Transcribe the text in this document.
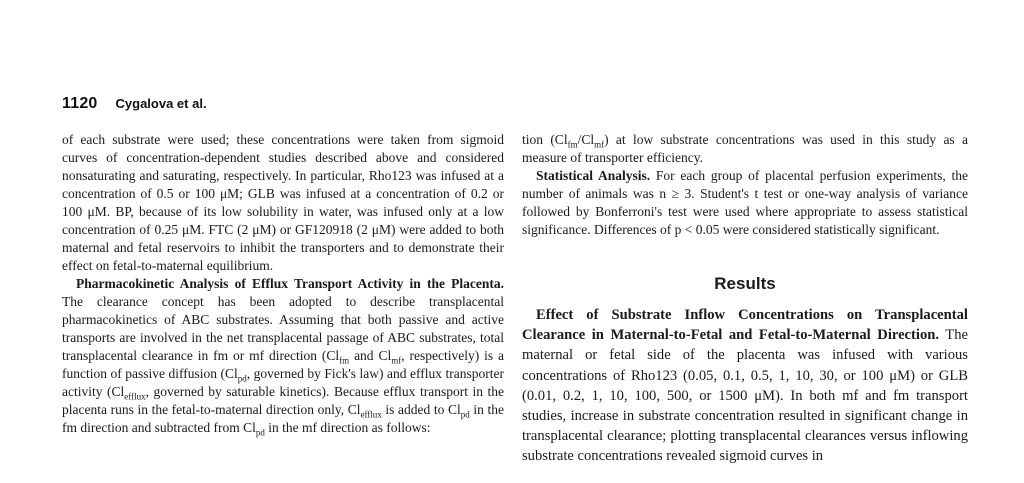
1120 Cygalova et al.

of each substrate were used; these concentrations were taken from sigmoid curves of concentration-dependent studies described above and considered nonsaturating and saturating, respectively. In particular, Rho123 was infused at a concentration of 0.5 or 100 μM; GLB was infused at a concentration of 0.2 or 100 μM. BP, because of its low solubility in water, was infused only at a low concentration of 0.25 μM. FTC (2 μM) or GF120918 (2 μM) were added to both maternal and fetal reservoirs to inhibit the transporters and to demonstrate their effect on fetal-to-maternal equilibrium.

Pharmacokinetic Analysis of Efflux Transport Activity in the Placenta. The clearance concept has been adopted to describe transplacental pharmacokinetics of ABC substrates. Assuming that both passive and active transports are involved in the net transplacental passage of ABC substrates, total transplacental clearance in fm or mf direction ($Cl_{fm}$ and $Cl_{mf}$, respectively) is a function of passive diffusion ($Cl_{pd}$, governed by Fick's law) and efflux transporter activity ($Cl_{efflux}$, governed by saturable kinetics). Because efflux transport in the placenta runs in the fetal-to-maternal direction only, $Cl_{efflux}$ is added to $Cl_{pd}$ in the fm direction and subtracted from $Cl_{pd}$ in the mf direction as follows:

tion $(Cl_{fm}/Cl_{mf})$ at low substrate concentrations was used in this study as a measure of transporter efficiency.

Statistical Analysis. For each group of placental perfusion experiments, the number of animals was n ≥ 3. Student's t test or one-way analysis of variance followed by Bonferroni's test were used where appropriate to assess statistical significance. Differences of p < 0.05 were considered statistically significant.

Results

Effect of Substrate Inflow Concentrations on Transplacental Clearance in Maternal-to-Fetal and Fetal-to-Maternal Direction. The maternal or fetal side of the placenta was infused with various concentrations of Rho123 (0.05, 0.1, 0.5, 1, 10, 30, or 100 μM) or GLB (0.01, 0.2, 1, 10, 100, 500, or 1500 μM). In both mf and fm transport studies, increase in substrate concentration resulted in significant change in transplacental clearance; plotting transplacental clearances versus inflowing substrate concentrations revealed sigmoid curves in
